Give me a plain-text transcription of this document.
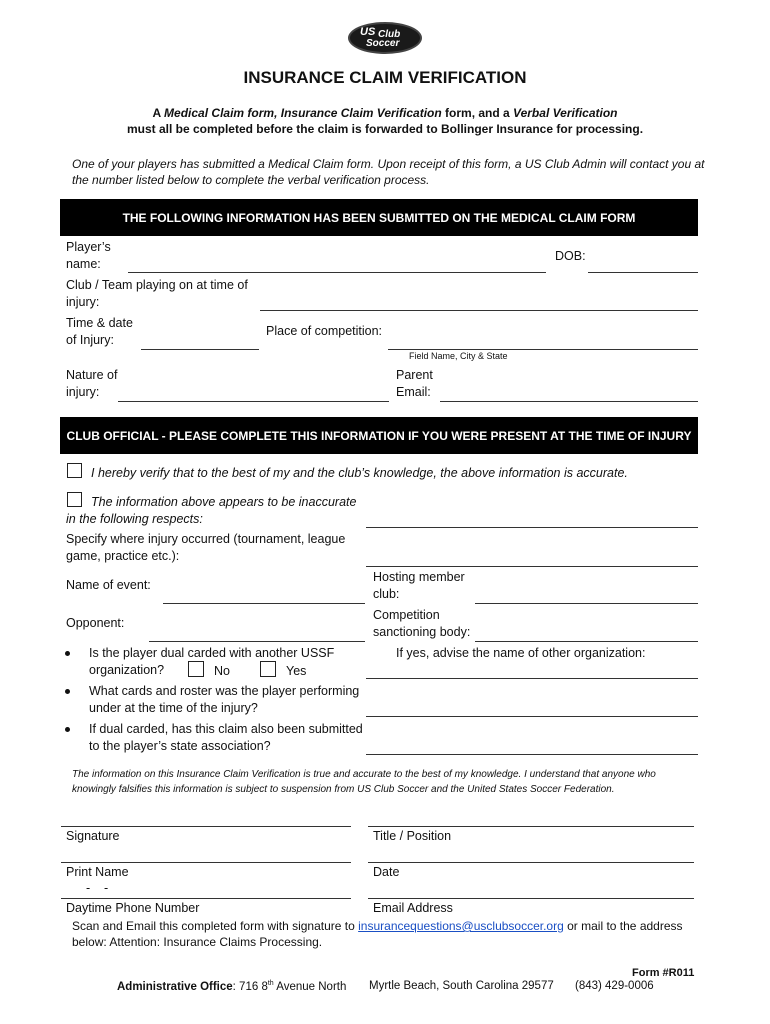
US Club
Soccer
INSURANCE CLAIM VERIFICATION
A Medical Claim form, Insurance Claim Verification form, and a Verbal Verification
must all be completed before the claim is forwarded to Bollinger Insurance for processing.
One of your players has submitted a Medical Claim form. Upon receipt of this form, a US Club Admin will contact you at
the number listed below to complete the verbal verification process.
THE FOLLOWING INFORMATION HAS BEEN SUBMITTED ON THE MEDICAL CLAIM FORM
Player’s
name:
DOB:
Club / Team playing on at time of
injury:
Time & date
of Injury:
Place of competition:
Field Name, City & State
Nature of
injury:
Parent
Email:
CLUB OFFICIAL - PLEASE COMPLETE THIS INFORMATION IF YOU WERE PRESENT AT THE TIME OF INJURY
I hereby verify that to the best of my and the club’s knowledge, the above information is accurate.
The information above appears to be inaccurate
in the following respects:
Specify where injury occurred (tournament, league
game, practice etc.):
Name of event:
Hosting member
club:
Opponent:
Competition
sanctioning body:
Is the player dual carded with another USSF
organization?	No	Yes
If yes, advise the name of other organization:
What cards and roster was the player performing
under at the time of the injury?
If dual carded, has this claim also been submitted
to the player’s state association?
The information on this Insurance Claim Verification is true and accurate to the best of my knowledge. I understand that anyone who
knowingly falsifies this information is subject to suspension from US Club Soccer and the United States Soccer Federation.
Signature	Title / Position
Print Name	Date
-    -
Daytime Phone Number	Email Address
Scan and Email this completed form with signature to insurancequestions@usclubsoccer.org or mail to the address
below: Attention: Insurance Claims Processing.
Form #R011
Administrative Office: 716 8th Avenue North Myrtle Beach, South Carolina 29577 (843) 429-0006
